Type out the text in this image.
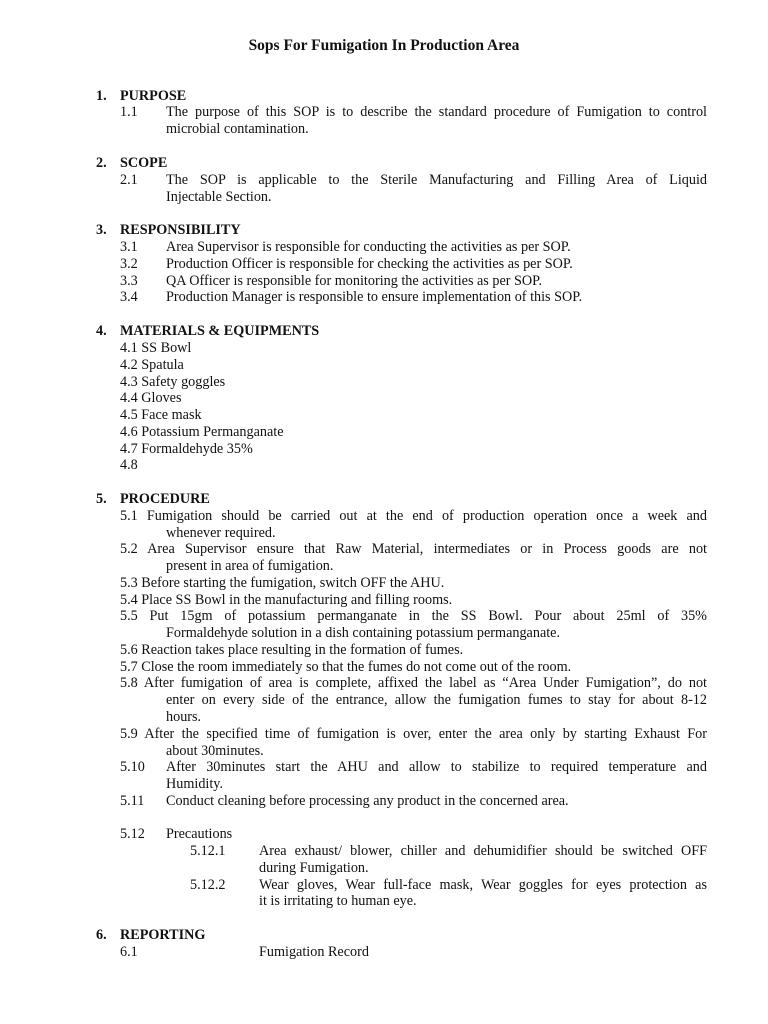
Sops For Fumigation In Production Area
1. PURPOSE
1.1 The purpose of this SOP is to describe the standard procedure of Fumigation to control
microbial contamination.
2. SCOPE
2.1 The SOP is applicable to the Sterile Manufacturing and Filling Area of Liquid
Injectable Section.
3. RESPONSIBILITY
3.1 Area Supervisor is responsible for conducting the activities as per SOP.
3.2 Production Officer is responsible for checking the activities as per SOP.
3.3 QA Officer is responsible for monitoring the activities as per SOP.
3.4 Production Manager is responsible to ensure implementation of this SOP.
4. MATERIALS & EQUIPMENTS
4.1 SS Bowl
4.2 Spatula
4.3 Safety goggles
4.4 Gloves
4.5 Face mask
4.6 Potassium Permanganate
4.7 Formaldehyde 35%
4.8
5. PROCEDURE
5.1 Fumigation should be carried out at the end of production operation once a week and
whenever required.
5.2 Area Supervisor ensure that Raw Material, intermediates or in Process goods are not
present in area of fumigation.
5.3 Before starting the fumigation, switch OFF the AHU.
5.4 Place SS Bowl in the manufacturing and filling rooms.
5.5 Put 15gm of potassium permanganate in the SS Bowl. Pour about 25ml of 35%
Formaldehyde solution in a dish containing potassium permanganate.
5.6 Reaction takes place resulting in the formation of fumes.
5.7 Close the room immediately so that the fumes do not come out of the room.
5.8 After fumigation of area is complete, affixed the label as “Area Under Fumigation”, do not
enter on every side of the entrance, allow the fumigation fumes to stay for about 8-12
hours.
5.9 After the specified time of fumigation is over, enter the area only by starting Exhaust For
about 30minutes.
5.10 After 30minutes start the AHU and allow to stabilize to required temperature and
Humidity.
5.11 Conduct cleaning before processing any product in the concerned area.
5.12 Precautions
5.12.1 Area exhaust/ blower, chiller and dehumidifier should be switched OFF
during Fumigation.
5.12.2 Wear gloves, Wear full-face mask, Wear goggles for eyes protection as
it is irritating to human eye.
6. REPORTING
6.1	Fumigation Record
